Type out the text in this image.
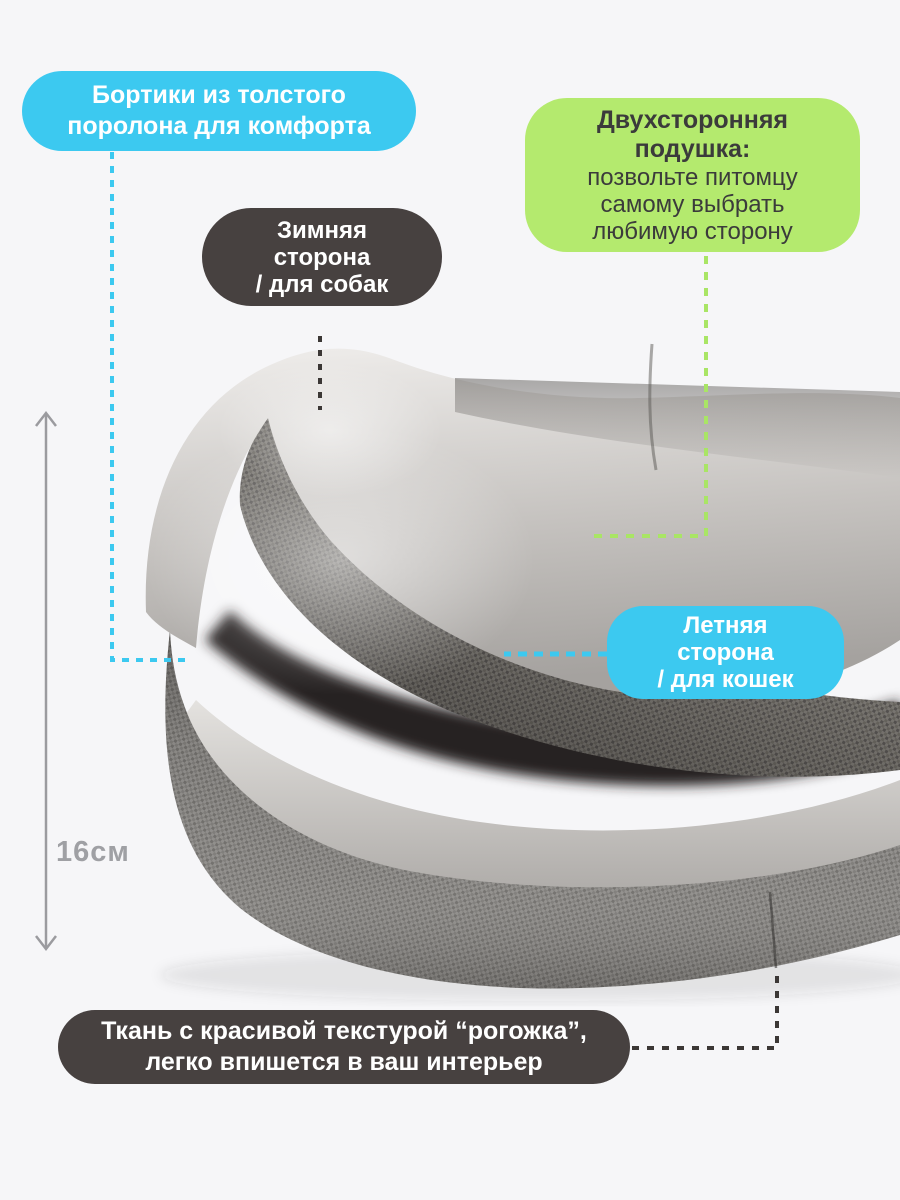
Бортики из толстого
поролона для комфорта	Двухсторонняя
подушка:
позвольте питомцу
самому выбрать
любимую сторону
Зимняя
сторона
/ для собак
Летняя
сторона
/ для кошек
Ткань с красивой текстурой “рогожка”,
легко впишется в ваш интерьер
16см
